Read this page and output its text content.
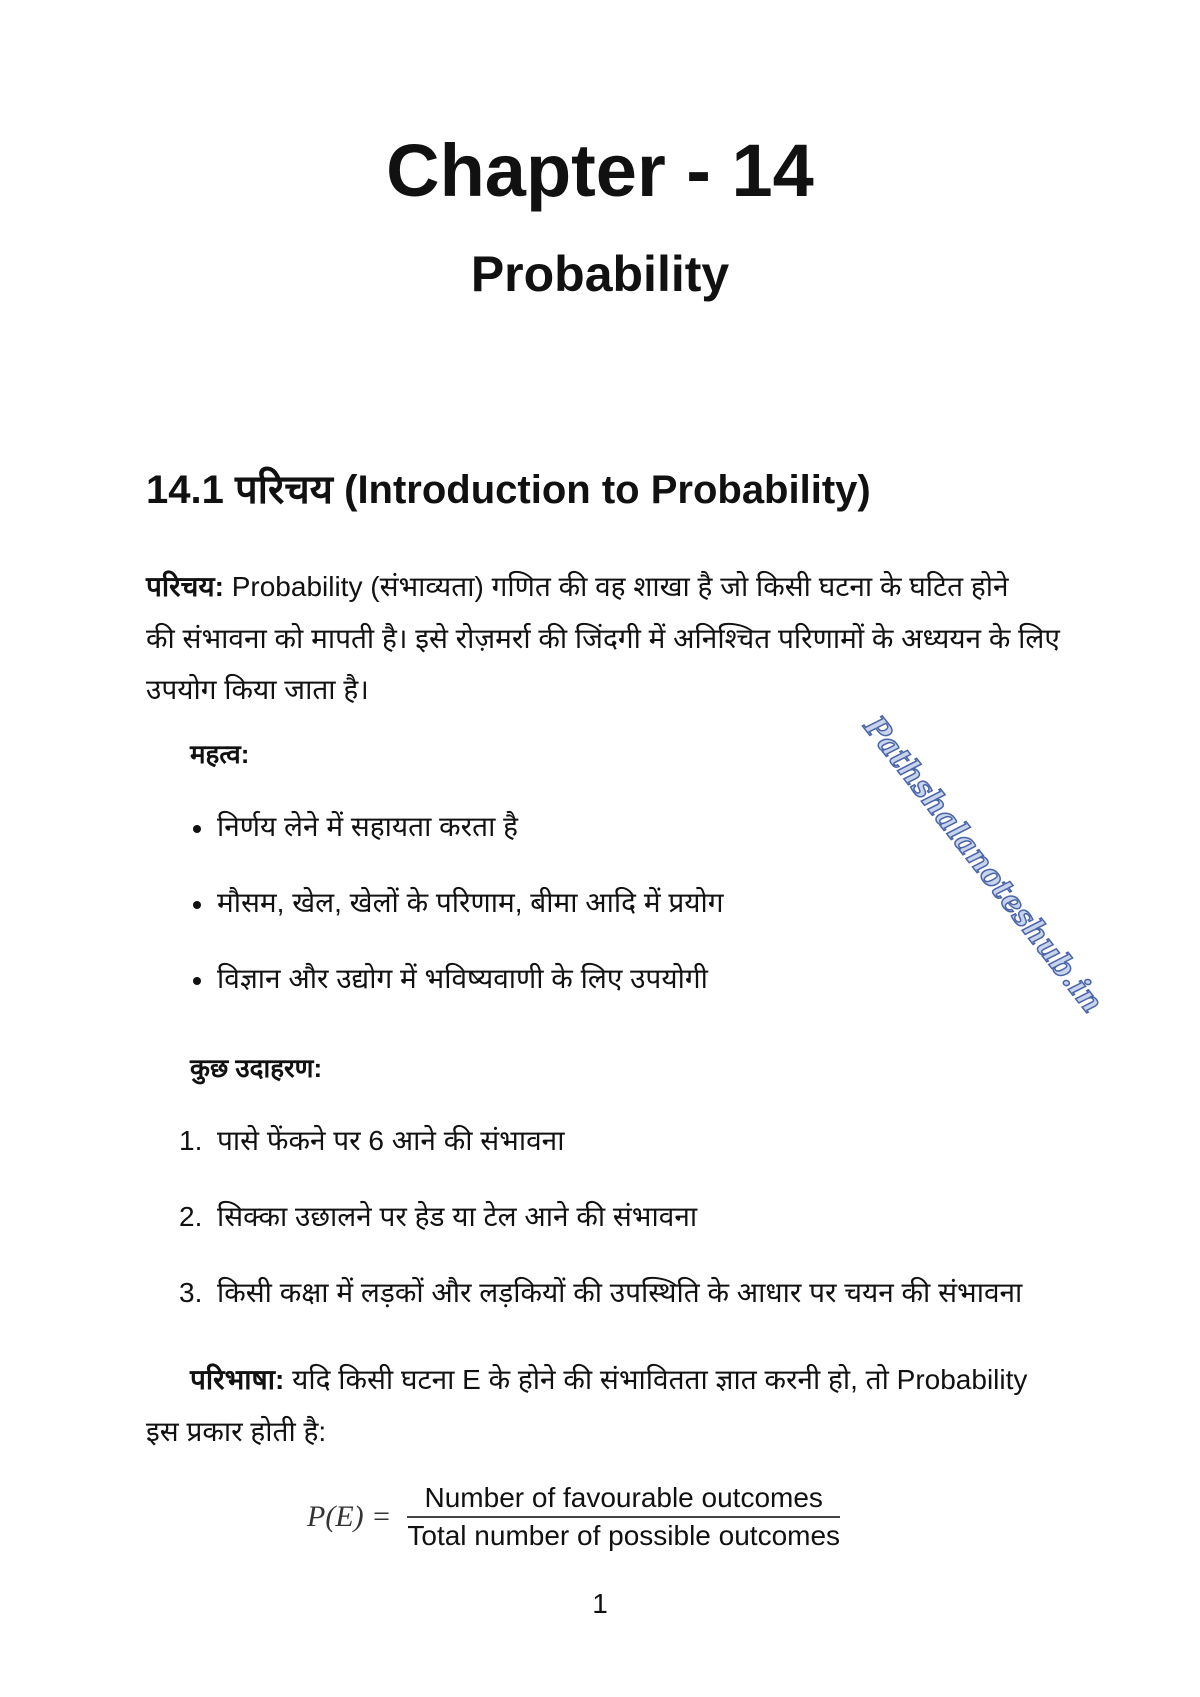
Chapter - 14
Probability
14.1 परिचय (Introduction to Probability)
परिचय: Probability (संभाव्यता) गणित की वह शाखा है जो किसी घटना के घटित होने
की संभावना को मापती है। इसे रोज़मर्रा की जिंदगी में अनिश्चित परिणामों के अध्ययन के लिए
उपयोग किया जाता है।
महत्व:
निर्णय लेने में सहायता करता है
मौसम, खेल, खेलों के परिणाम, बीमा आदि में प्रयोग
विज्ञान और उद्योग में भविष्यवाणी के लिए उपयोगी
कुछ उदाहरण:
1. पासे फेंकने पर 6 आने की संभावना
2. सिक्का उछालने पर हेड या टेल आने की संभावना
3. किसी कक्षा में लड़कों और लड़कियों की उपस्थिति के आधार पर चयन की संभावना
परिभाषा: यदि किसी घटना E के होने की संभावितता ज्ञात करनी हो, तो Probability
इस प्रकार होती है:
$P(E) = \frac{\text{Number of favourable outcomes}}{\text{Total number of possible outcomes}}$
1
Pathshalanoteshub.in
